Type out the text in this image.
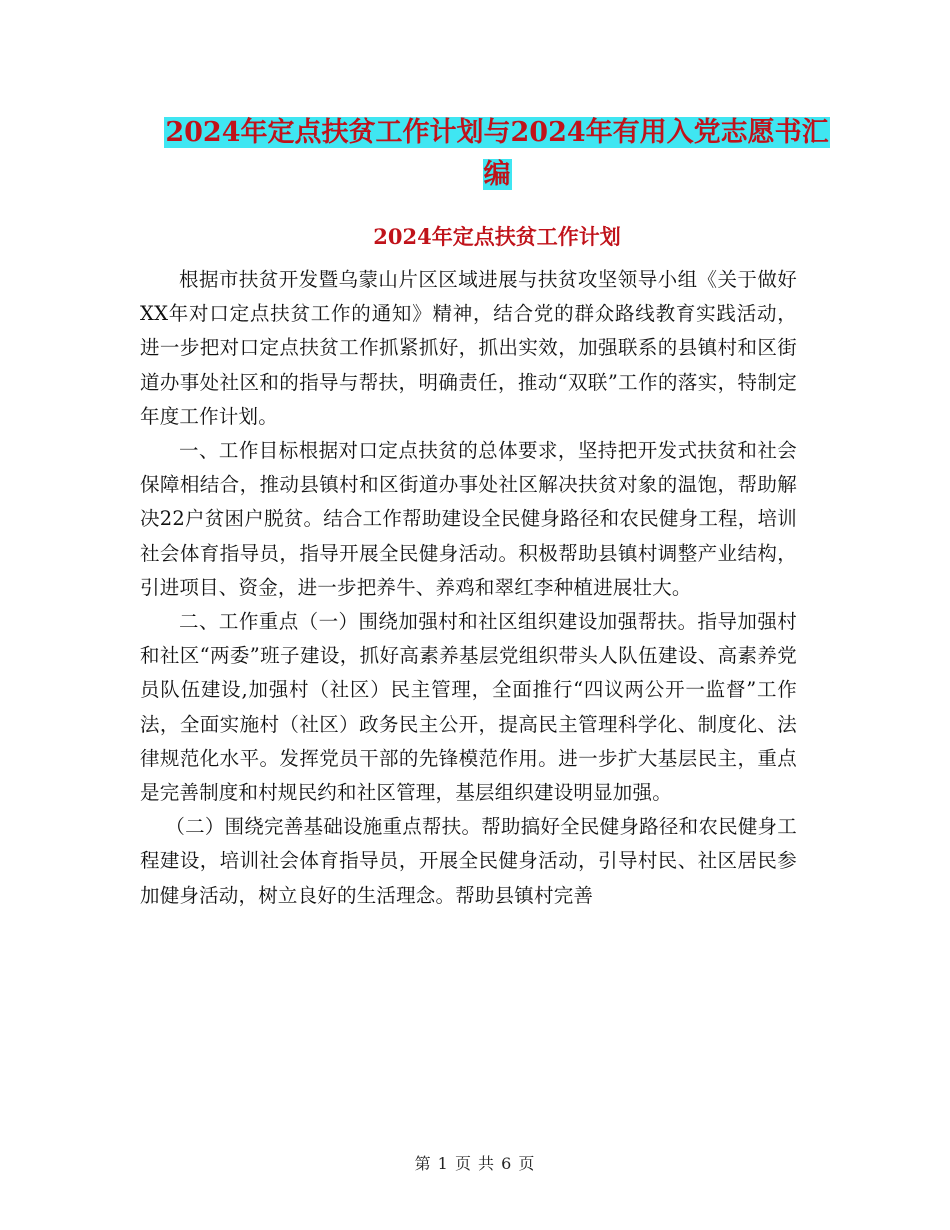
2024年定点扶贫工作计划与2024年有用入党志愿书汇
编
2024年定点扶贫工作计划

根据市扶贫开发暨乌蒙山片区区域进展与扶贫攻坚领导小组《关于做好XX年对口定点扶贫工作的通知》精神，结合党的群众路线教育实践活动，进一步把对口定点扶贫工作抓紧抓好，抓出实效，加强联系的县镇村和区街道办事处社区和的指导与帮扶，明确责任，推动“双联”工作的落实，特制定年度工作计划。

一、工作目标根据对口定点扶贫的总体要求，坚持把开发式扶贫和社会保障相结合，推动县镇村和区街道办事处社区解决扶贫对象的温饱，帮助解决22户贫困户脱贫。结合工作帮助建设全民健身路径和农民健身工程，培训社会体育指导员，指导开展全民健身活动。积极帮助县镇村调整产业结构，引进项目、资金，进一步把养牛、养鸡和翠红李种植进展壮大。

二、工作重点（一）围绕加强村和社区组织建设加强帮扶。指导加强村和社区“两委”班子建设，抓好高素养基层党组织带头人队伍建设、高素养党员队伍建设,加强村（社区）民主管理，全面推行“四议两公开一监督”工作法，全面实施村（社区）政务民主公开，提高民主管理科学化、制度化、法律规范化水平。发挥党员干部的先锋模范作用。进一步扩大基层民主，重点是完善制度和村规民约和社区管理，基层组织建设明显加强。

（二）围绕完善基础设施重点帮扶。帮助搞好全民健身路径和农民健身工程建设，培训社会体育指导员，开展全民健身活动，引导村民、社区居民参加健身活动，树立良好的生活理念。帮助县镇村完善

第 1 页 共 6 页
